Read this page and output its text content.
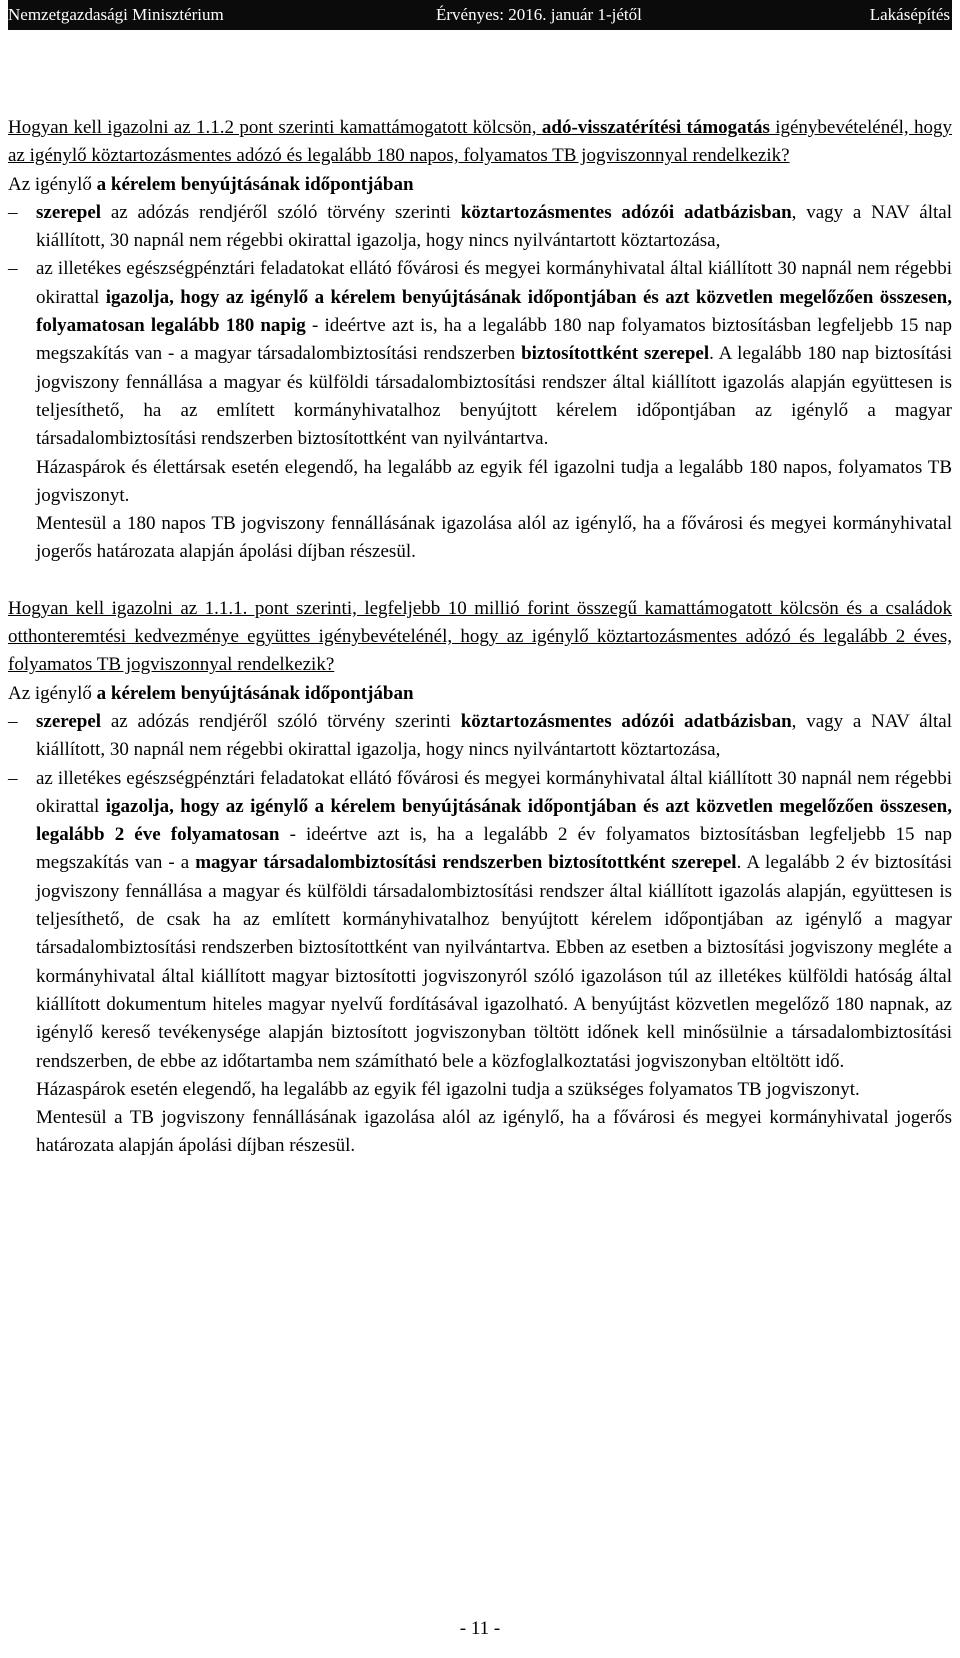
Nemzetgazdasági Minisztérium	Érvényes: 2016. január 1-jétől	Lakásépítés

Hogyan kell igazolni az 1.1.2 pont szerinti kamattámogatott kölcsön, adó-visszatérítési támogatás igénybevételénél, hogy az igénylő köztartozásmentes adózó és legalább 180 napos, folyamatos TB jogviszonnyal rendelkezik?

Az igénylő a kérelem benyújtásának időpontjában

– szerepel az adózás rendjéről szóló törvény szerinti köztartozásmentes adózói adatbázisban, vagy a NAV által kiállított, 30 napnál nem régebbi okirattal igazolja, hogy nincs nyilvántartott köztartozása,

– az illetékes egészségpénztári feladatokat ellátó fővárosi és megyei kormányhivatal által kiállított 30 napnál nem régebbi okirattal igazolja, hogy az igénylő a kérelem benyújtásának időpontjában és azt közvetlen megelőzően összesen, folyamatosan legalább 180 napig - ideértve azt is, ha a legalább 180 nap folyamatos biztosításban legfeljebb 15 nap megszakítás van - a magyar társadalombiztosítási rendszerben biztosítottként szerepel. A legalább 180 nap biztosítási jogviszony fennállása a magyar és külföldi társadalombiztosítási rendszer által kiállított igazolás alapján együttesen is teljesíthető, ha az említett kormányhivatalhoz benyújtott kérelem időpontjában az igénylő a magyar társadalombiztosítási rendszerben biztosítottként van nyilvántartva.

Házaspárok és élettársak esetén elegendő, ha legalább az egyik fél igazolni tudja a legalább 180 napos, folyamatos TB jogviszonyt.

Mentesül a 180 napos TB jogviszony fennállásának igazolása alól az igénylő, ha a fővárosi és megyei kormányhivatal jogerős határozata alapján ápolási díjban részesül.

Hogyan kell igazolni az 1.1.1. pont szerinti, legfeljebb 10 millió forint összegű kamattámogatott kölcsön és a családok otthonteremtési kedvezménye együttes igénybevételénél, hogy az igénylő köztartozásmentes adózó és legalább 2 éves, folyamatos TB jogviszonnyal rendelkezik?

Az igénylő a kérelem benyújtásának időpontjában

– szerepel az adózás rendjéről szóló törvény szerinti köztartozásmentes adózói adatbázisban, vagy a NAV által kiállított, 30 napnál nem régebbi okirattal igazolja, hogy nincs nyilvántartott köztartozása,

– az illetékes egészségpénztári feladatokat ellátó fővárosi és megyei kormányhivatal által kiállított 30 napnál nem régebbi okirattal igazolja, hogy az igénylő a kérelem benyújtásának időpontjában és azt közvetlen megelőzően összesen, legalább 2 éve folyamatosan - ideértve azt is, ha a legalább 2 év folyamatos biztosításban legfeljebb 15 nap megszakítás van - a magyar társadalombiztosítási rendszerben biztosítottként szerepel. A legalább 2 év biztosítási jogviszony fennállása a magyar és külföldi társadalombiztosítási rendszer által kiállított igazolás alapján, együttesen is teljesíthető, de csak ha az említett kormányhivatalhoz benyújtott kérelem időpontjában az igénylő a magyar társadalombiztosítási rendszerben biztosítottként van nyilvántartva. Ebben az esetben a biztosítási jogviszony megléte a kormányhivatal által kiállított magyar biztosítotti jogviszonyról szóló igazoláson túl az illetékes külföldi hatóság által kiállított dokumentum hiteles magyar nyelvű fordításával igazolható. A benyújtást közvetlen megelőző 180 napnak, az igénylő kereső tevékenysége alapján biztosított jogviszonyban töltött időnek kell minősülnie a társadalombiztosítási rendszerben, de ebbe az időtartamba nem számítható bele a közfoglalkoztatási jogviszonyban eltöltött idő.

Házaspárok esetén elegendő, ha legalább az egyik fél igazolni tudja a szükséges folyamatos TB jogviszonyt.

Mentesül a TB jogviszony fennállásának igazolása alól az igénylő, ha a fővárosi és megyei kormányhivatal jogerős határozata alapján ápolási díjban részesül.

- 11 -
